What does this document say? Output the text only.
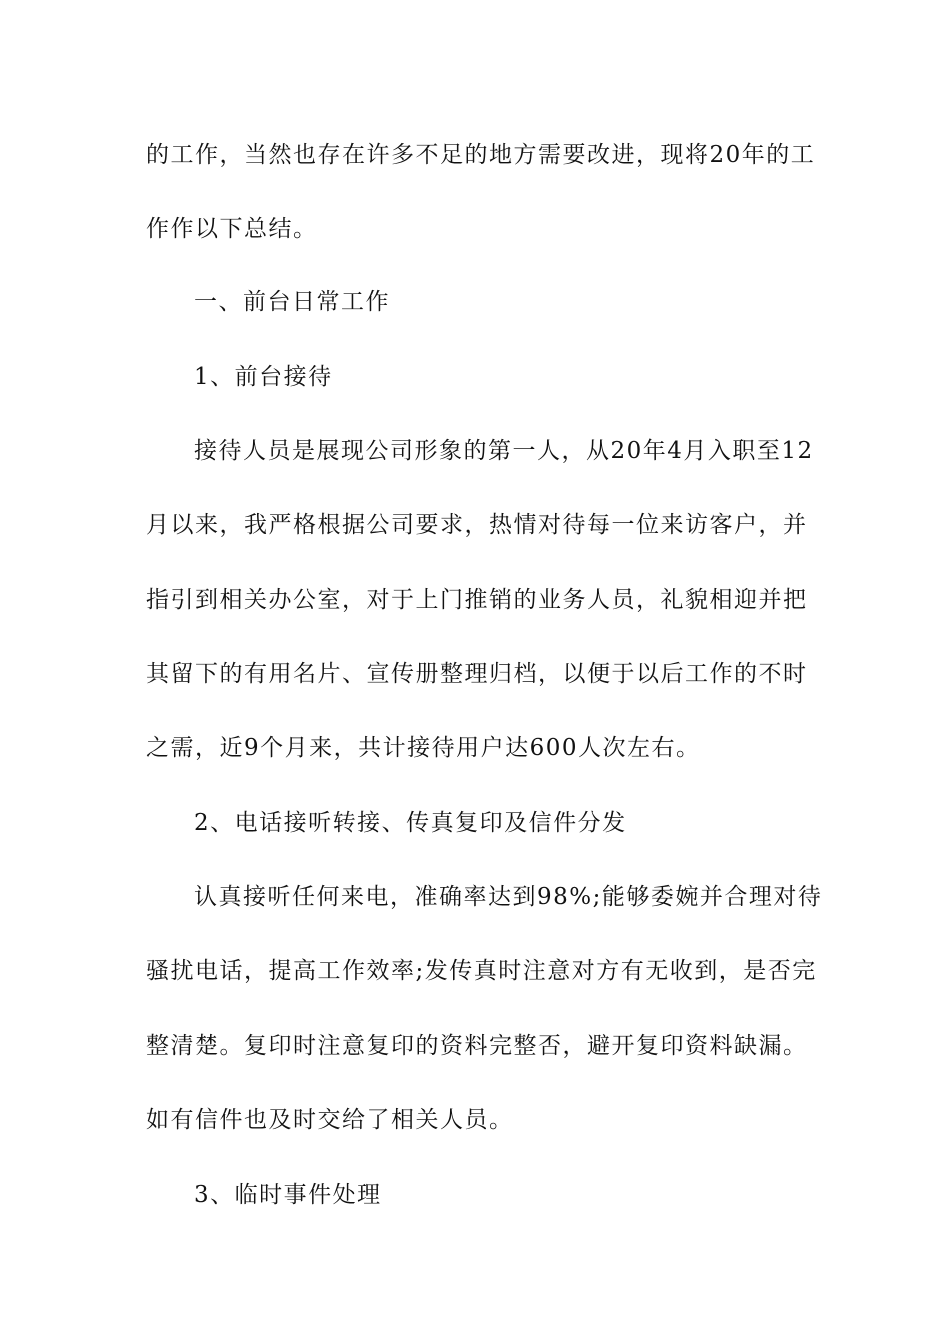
的工作，当然也存在许多不足的地方需要改进，现将20年的工
作作以下总结。
一、前台日常工作
1、前台接待
接待人员是展现公司形象的第一人，从20年4月入职至12
月以来，我严格根据公司要求，热情对待每一位来访客户，并
指引到相关办公室，对于上门推销的业务人员，礼貌相迎并把
其留下的有用名片、宣传册整理归档，以便于以后工作的不时
之需，近9个月来，共计接待用户达600人次左右。
2、电话接听转接、传真复印及信件分发
认真接听任何来电，准确率达到98%;能够委婉并合理对待
骚扰电话，提高工作效率;发传真时注意对方有无收到，是否完
整清楚。复印时注意复印的资料完整否，避开复印资料缺漏。
如有信件也及时交给了相关人员。
3、临时事件处理
